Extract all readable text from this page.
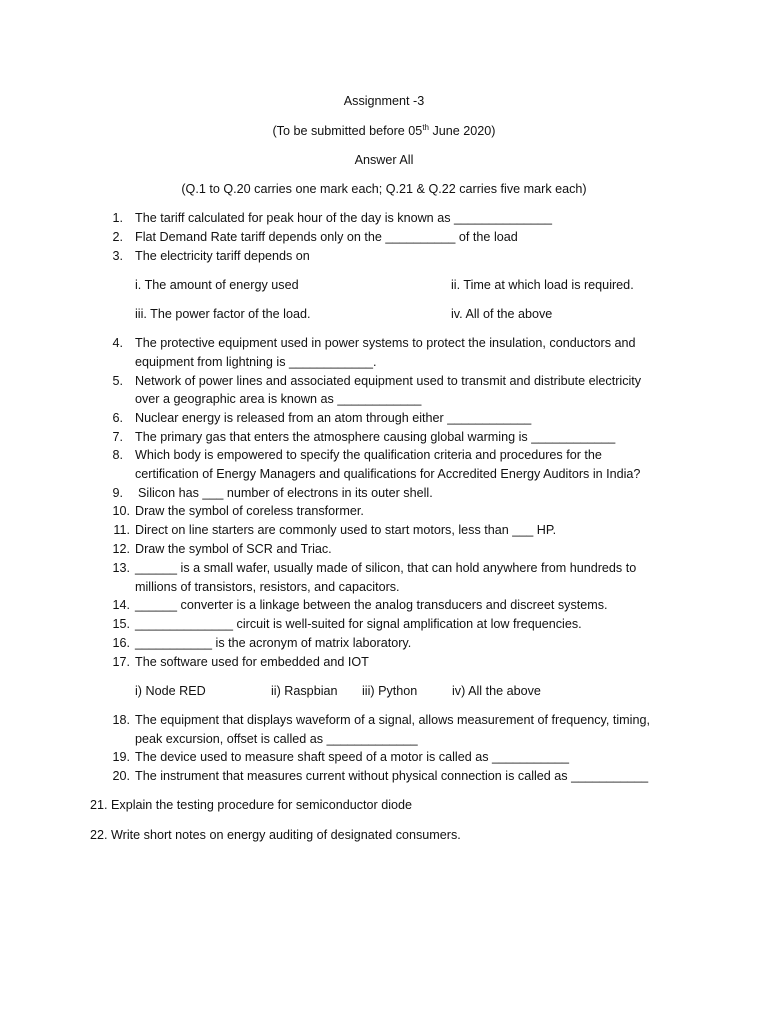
Assignment -3
(To be submitted before 05th June 2020)
Answer All
(Q.1 to Q.20 carries one mark each; Q.21 & Q.22 carries five mark each)
1. The tariff calculated for peak hour of the day is known as ______________
2. Flat Demand Rate tariff depends only on the __________ of the load
3. The electricity tariff depends on
i. The amount of energy used	ii. Time at which load is required.
iii. The power factor of the load.	iv. All of the above
4. The protective equipment used in power systems to protect the insulation, conductors and
equipment from lightning is ____________.
5. Network of power lines and associated equipment used to transmit and distribute electricity
over a geographic area is known as ____________
6. Nuclear energy is released from an atom through either ____________
7. The primary gas that enters the atmosphere causing global warming is ____________
8. Which body is empowered to specify the qualification criteria and procedures for the
certification of Energy Managers and qualifications for Accredited Energy Auditors in India?
9. Silicon has ___ number of electrons in its outer shell.
10. Draw the symbol of coreless transformer.
11. Direct on line starters are commonly used to start motors, less than ___ HP.
12. Draw the symbol of SCR and Triac.
13. ______ is a small wafer, usually made of silicon, that can hold anywhere from hundreds to
millions of transistors, resistors, and capacitors.
14. ______ converter is a linkage between the analog transducers and discreet systems.
15. ______________ circuit is well-suited for signal amplification at low frequencies.
16. ___________ is the acronym of matrix laboratory.
17. The software used for embedded and IOT
i) Node RED	ii) Raspbian iii) Python	iv) All the above
18. The equipment that displays waveform of a signal, allows measurement of frequency, timing,
peak excursion, offset is called as _____________
19. The device used to measure shaft speed of a motor is called as ___________
20. The instrument that measures current without physical connection is called as ___________
21. Explain the testing procedure for semiconductor diode
22. Write short notes on energy auditing of designated consumers.
